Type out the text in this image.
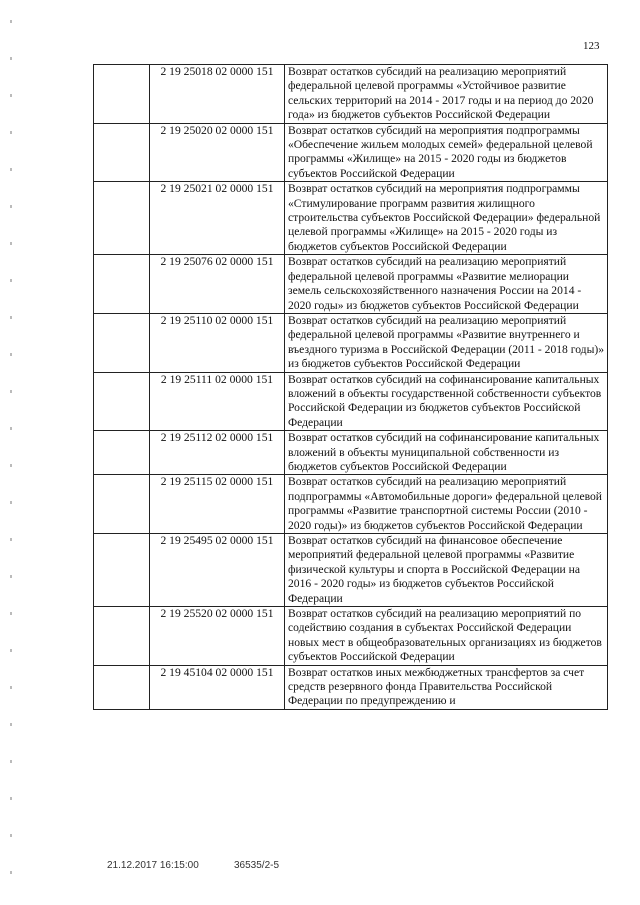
123
	2 19 25018 02 0000 151	Возврат остатков субсидий на реализацию мероприятий федеральной целевой программы «Устойчивое развитие сельских территорий на 2014 - 2017 годы и на период до 2020 года» из бюджетов субъектов Российской Федерации
	2 19 25020 02 0000 151	Возврат остатков субсидий на мероприятия подпрограммы «Обеспечение жильем молодых семей» федеральной целевой программы «Жилище» на 2015 - 2020 годы из бюджетов субъектов Российской Федерации
	2 19 25021 02 0000 151	Возврат остатков субсидий на мероприятия подпрограммы «Стимулирование программ развития жилищного строительства субъектов Российской Федерации» федеральной целевой программы «Жилище» на 2015 - 2020 годы из бюджетов субъектов Российской Федерации
	2 19 25076 02 0000 151	Возврат остатков субсидий на реализацию мероприятий федеральной целевой программы «Развитие мелиорации земель сельскохозяйственного назначения России на 2014 - 2020 годы» из бюджетов субъектов Российской Федерации
	2 19 25110 02 0000 151	Возврат остатков субсидий на реализацию мероприятий федеральной целевой программы «Развитие внутреннего и въездного туризма в Российской Федерации (2011 - 2018 годы)» из бюджетов субъектов Российской Федерации
	2 19 25111 02 0000 151	Возврат остатков субсидий на софинансирование капитальных вложений в объекты государственной собственности субъектов Российской Федерации из бюджетов субъектов Российской Федерации
	2 19 25112 02 0000 151	Возврат остатков субсидий на софинансирование капитальных вложений в объекты муниципальной собственности из бюджетов субъектов Российской Федерации
	2 19 25115 02 0000 151	Возврат остатков субсидий на реализацию мероприятий подпрограммы «Автомобильные дороги» федеральной целевой программы «Развитие транспортной системы России (2010 - 2020 годы)» из бюджетов субъектов Российской Федерации
	2 19 25495 02 0000 151	Возврат остатков субсидий на финансовое обеспечение мероприятий федеральной целевой программы «Развитие физической культуры и спорта в Российской Федерации на 2016 - 2020 годы» из бюджетов субъектов Российской Федерации
	2 19 25520 02 0000 151	Возврат остатков субсидий на реализацию мероприятий по содействию создания в субъектах Российской Федерации новых мест в общеобразовательных организациях из бюджетов субъектов Российской Федерации
	2 19 45104 02 0000 151	Возврат остатков иных межбюджетных трансфертов за счет средств резервного фонда Правительства Российской Федерации по предупреждению и
21.12.2017 16:15:00	36535/2-5
